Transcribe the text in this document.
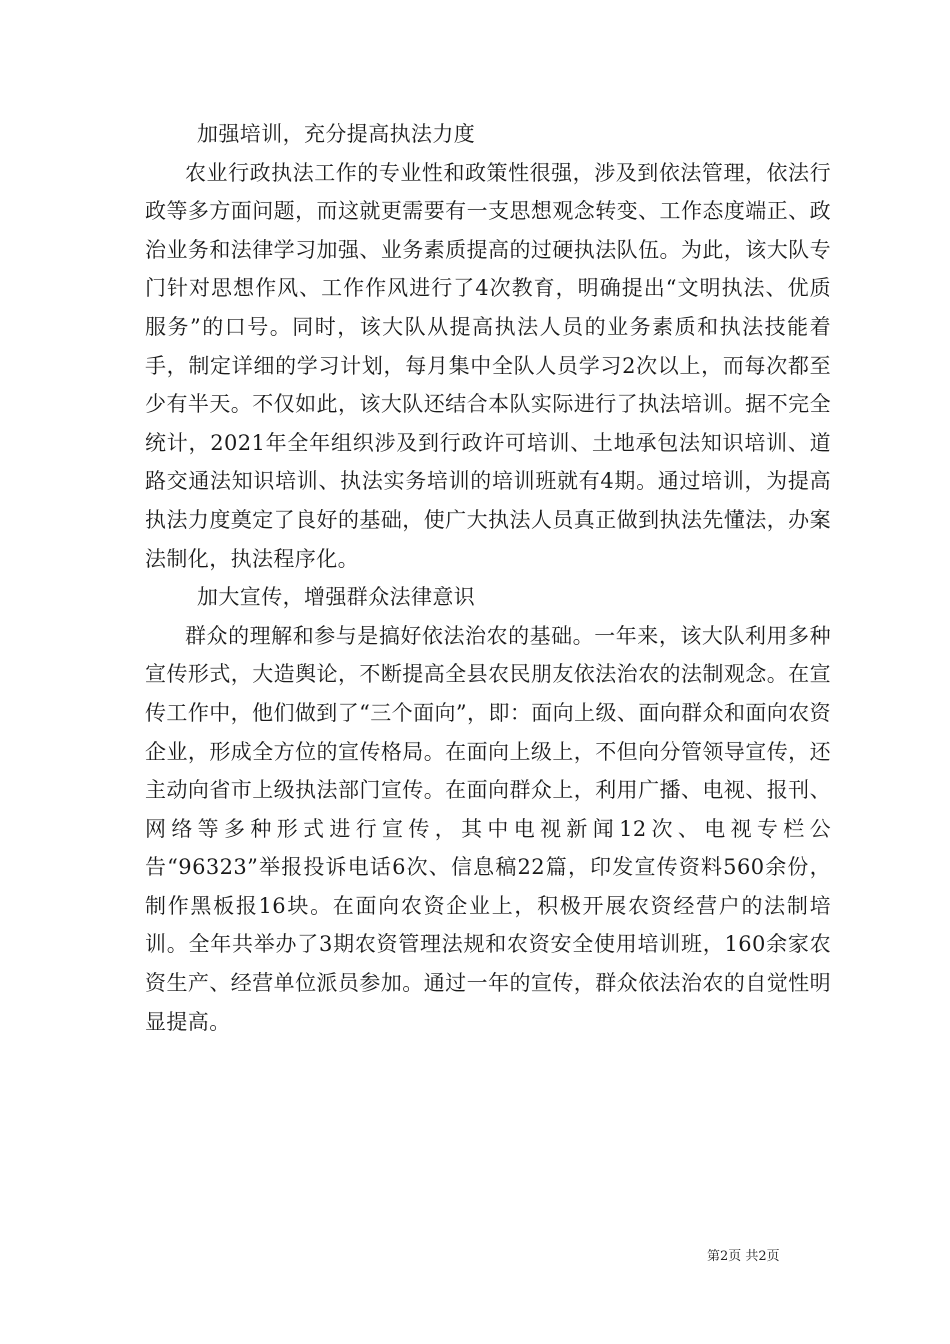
加强培训，充分提高执法力度

农业行政执法工作的专业性和政策性很强，涉及到依法管理，依法行政等多方面问题，而这就更需要有一支思想观念转变、工作态度端正、政治业务和法律学习加强、业务素质提高的过硬执法队伍。为此，该大队专门针对思想作风、工作作风进行了4次教育，明确提出“文明执法、优质服务”的口号。同时，该大队从提高执法人员的业务素质和执法技能着手，制定详细的学习计划，每月集中全队人员学习2次以上，而每次都至少有半天。不仅如此，该大队还结合本队实际进行了执法培训。据不完全统计，2021年全年组织涉及到行政许可培训、土地承包法知识培训、道路交通法知识培训、执法实务培训的培训班就有4期。通过培训，为提高执法力度奠定了良好的基础，使广大执法人员真正做到执法先懂法，办案法制化，执法程序化。

加大宣传，增强群众法律意识

群众的理解和参与是搞好依法治农的基础。一年来，该大队利用多种宣传形式，大造舆论，不断提高全县农民朋友依法治农的法制观念。在宣传工作中，他们做到了“三个面向”，即：面向上级、面向群众和面向农资企业，形成全方位的宣传格局。在面向上级上，不但向分管领导宣传，还主动向省市上级执法部门宣传。在面向群众上，利用广播、电视、报刊、网络等多种形式进行宣传，其中电视新闻12次、电视专栏公告“96323”举报投诉电话6次、信息稿22篇，印发宣传资料560余份，制作黑板报16块。在面向农资企业上，积极开展农资经营户的法制培训。全年共举办了3期农资管理法规和农资安全使用培训班，160余家农资生产、经营单位派员参加。通过一年的宣传，群众依法治农的自觉性明显提高。

第2页 共2页
